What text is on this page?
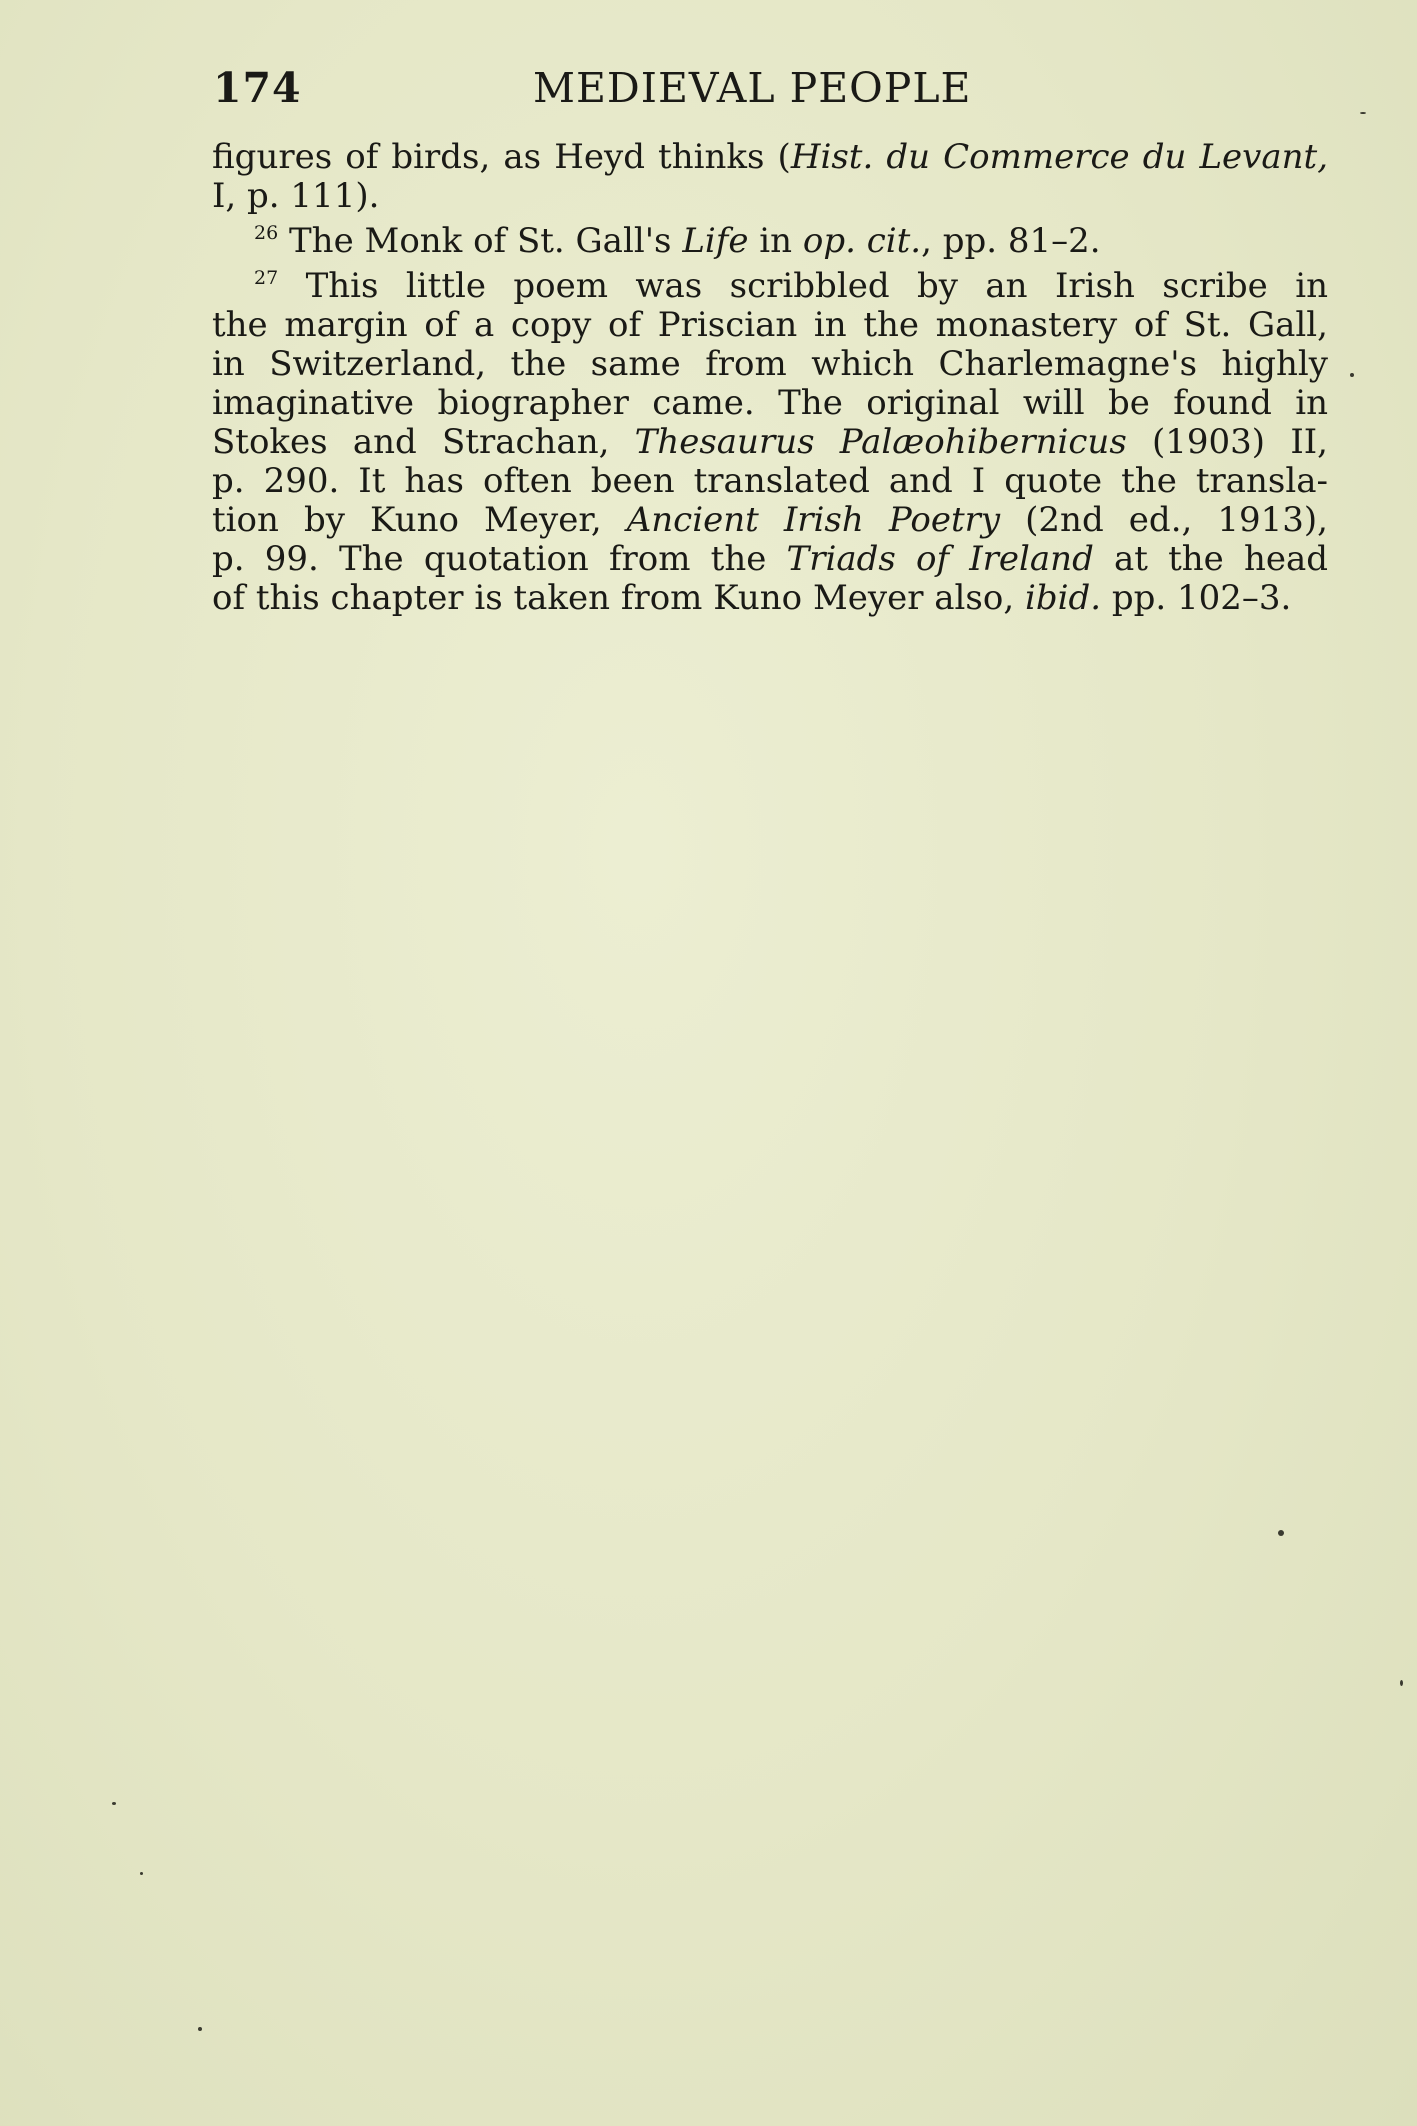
174	MEDIEVAL PEOPLE
figures of birds, as Heyd thinks (Hist. du Commerce du Levant,
I, p. 111).
$^{26}$ The Monk of St. Gall's Life in op. cit., pp. 81–2.
$^{27}$ This little poem was scribbled by an Irish scribe in
the margin of a copy of Priscian in the monastery of St. Gall,
in Switzerland, the same from which Charlemagne's highly
imaginative biographer came. The original will be found in
Stokes and Strachan, Thesaurus Palæohibernicus (1903) II,
p. 290. It has often been translated and I quote the transla-
tion by Kuno Meyer, Ancient Irish Poetry (2nd ed., 1913),
p. 99. The quotation from the Triads of Ireland at the head
of this chapter is taken from Kuno Meyer also, ibid. pp. 102–3.
